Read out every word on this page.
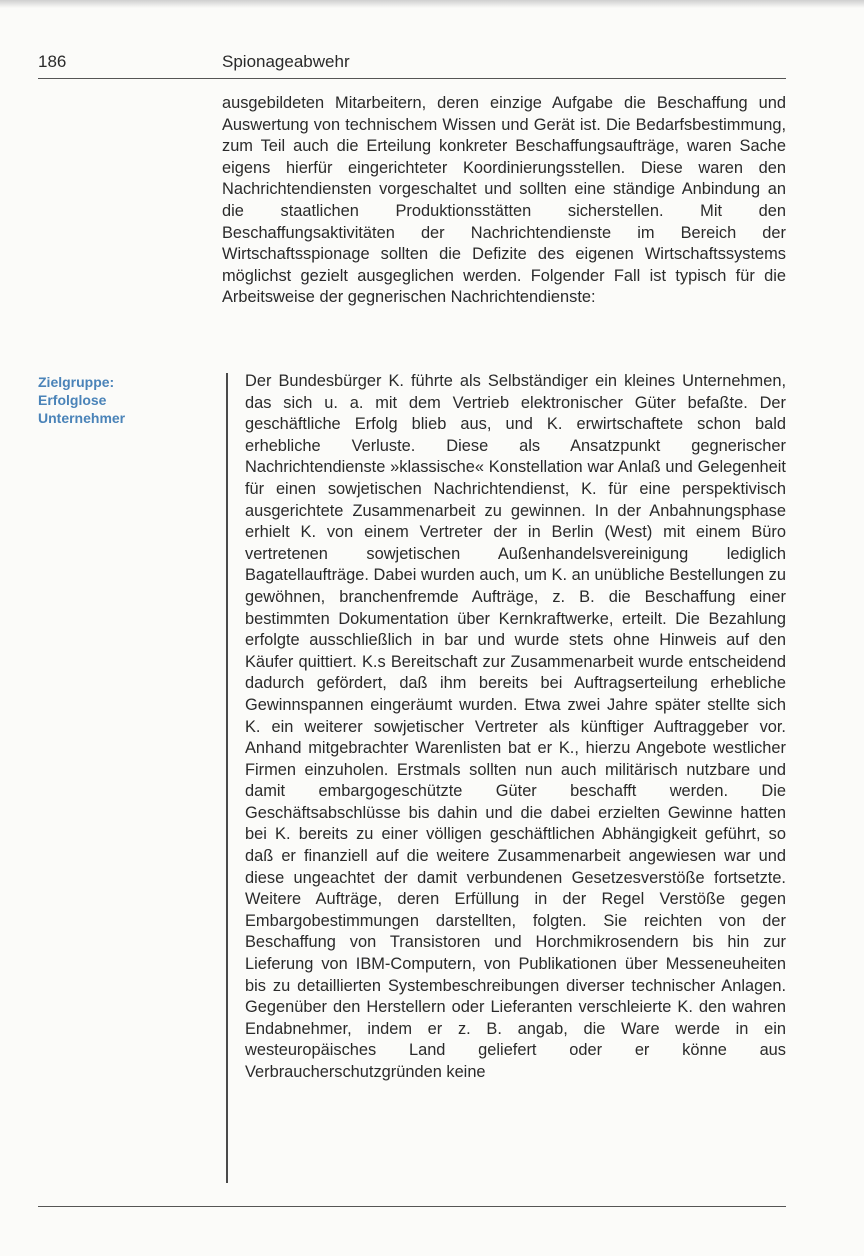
186	Spionageabwehr

ausgebildeten Mitarbeitern, deren einzige Aufgabe die Beschaffung und Auswertung von technischem Wissen und Gerät ist. Die Bedarfsbestimmung, zum Teil auch die Erteilung konkreter Beschaffungsaufträge, waren Sache eigens hierfür eingerichteter Koordinierungsstellen. Diese waren den Nachrichtendiensten vorgeschaltet und sollten eine ständige Anbindung an die staatlichen Produktionsstätten sicherstellen. Mit den Beschaffungsaktivitäten der Nachrichtendienste im Bereich der Wirtschaftsspionage sollten die Defizite des eigenen Wirtschaftssystems möglichst gezielt ausgeglichen werden. Folgender Fall ist typisch für die Arbeitsweise der gegnerischen Nachrichtendienste:

Zielgruppe:
Erfolglose
Unternehmer

Der Bundesbürger K. führte als Selbständiger ein kleines Unternehmen, das sich u. a. mit dem Vertrieb elektronischer Güter befaßte. Der geschäftliche Erfolg blieb aus, und K. erwirtschaftete schon bald erhebliche Verluste. Diese als Ansatzpunkt gegnerischer Nachrichtendienste »klassische« Konstellation war Anlaß und Gelegenheit für einen sowjetischen Nachrichtendienst, K. für eine perspektivisch ausgerichtete Zusammenarbeit zu gewinnen. In der Anbahnungsphase erhielt K. von einem Vertreter der in Berlin (West) mit einem Büro vertretenen sowjetischen Außenhandelsvereinigung lediglich Bagatellaufträge. Dabei wurden auch, um K. an unübliche Bestellungen zu gewöhnen, branchenfremde Aufträge, z. B. die Beschaffung einer bestimmten Dokumentation über Kernkraftwerke, erteilt. Die Bezahlung erfolgte ausschließlich in bar und wurde stets ohne Hinweis auf den Käufer quittiert. K.s Bereitschaft zur Zusammenarbeit wurde entscheidend dadurch gefördert, daß ihm bereits bei Auftragserteilung erhebliche Gewinnspannen eingeräumt wurden. Etwa zwei Jahre später stellte sich K. ein weiterer sowjetischer Vertreter als künftiger Auftraggeber vor. Anhand mitgebrachter Warenlisten bat er K., hierzu Angebote westlicher Firmen einzuholen. Erstmals sollten nun auch militärisch nutzbare und damit embargogeschützte Güter beschafft werden. Die Geschäftsabschlüsse bis dahin und die dabei erzielten Gewinne hatten bei K. bereits zu einer völligen geschäftlichen Abhängigkeit geführt, so daß er finanziell auf die weitere Zusammenarbeit angewiesen war und diese ungeachtet der damit verbundenen Gesetzesverstöße fortsetzte. Weitere Aufträge, deren Erfüllung in der Regel Verstöße gegen Embargobestimmungen darstellten, folgten. Sie reichten von der Beschaffung von Transistoren und Horchmikrosendern bis hin zur Lieferung von IBM-Computern, von Publikationen über Messeneuheiten bis zu detaillierten Systembeschreibungen diverser technischer Anlagen. Gegenüber den Herstellern oder Lieferanten verschleierte K. den wahren Endabnehmer, indem er z. B. angab, die Ware werde in ein westeuropäisches Land geliefert oder er könne aus Verbraucherschutzgründen keine
